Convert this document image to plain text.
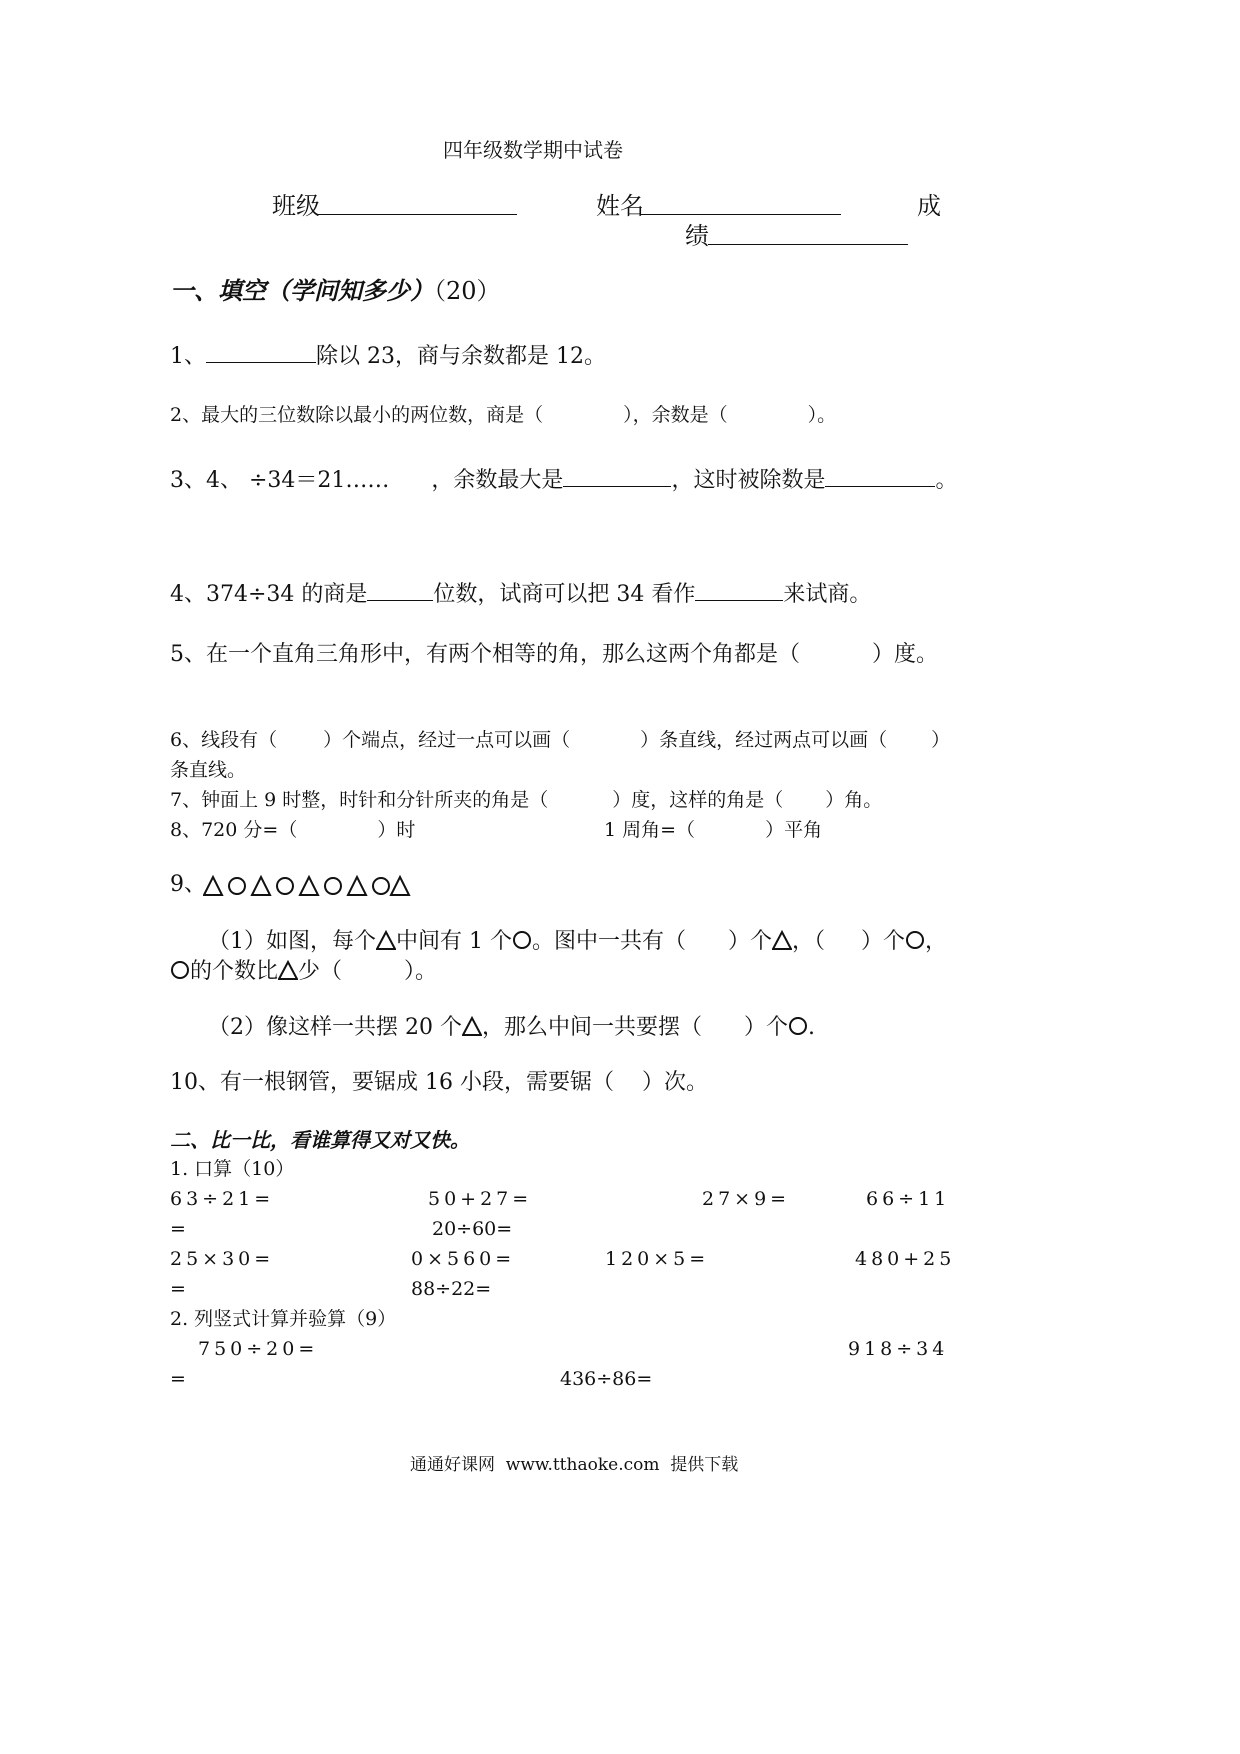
四年级数学期中试卷
班级	姓名	成
绩
一、填空（学问知多少）（20）
1、	除以 23，商与余数都是 12。
2、最大的三位数除以最小的两位数，商是（	），余数是（	）。
3、4、 ÷34＝21…… ，余数最大是	，这时被除数是	。
4、374÷34 的商是	位数，试商可以把 34 看作	来试商。
5、在一个直角三角形中，有两个相等的角，那么这两个角都是（	）度。
6、线段有（ ）个端点，经过一点可以画（	）条直线，经过两点可以画（ ）
条直线。
7、钟面上 9 时整，时针和分针所夹的角是（	）度，这样的角是（ ）角。
8、720 分=（	）时	1 周角=（	）平角
9、
（1）如图，每个 中间有 1 个 。图中一共有（ ）个 ，（ ）个 ，
的个数比 少（	）。
（2）像这样一共摆 20 个 ，那么中间一共要摆（ ）个 .
10、有一根钢管，要锯成 16 小段，需要锯（ ）次。
二、比一比，看谁算得又对又快。
1. 口算（10）
63÷21=	50+27=	27×9=	66÷11
=	20÷60=
25×30=	0×560=	120×5=	480+25
=	88÷22=
2. 列竖式计算并验算（9）
750÷20=	918÷34
=	436÷86=
通通好课网  www.tthaoke.com  提供下载
